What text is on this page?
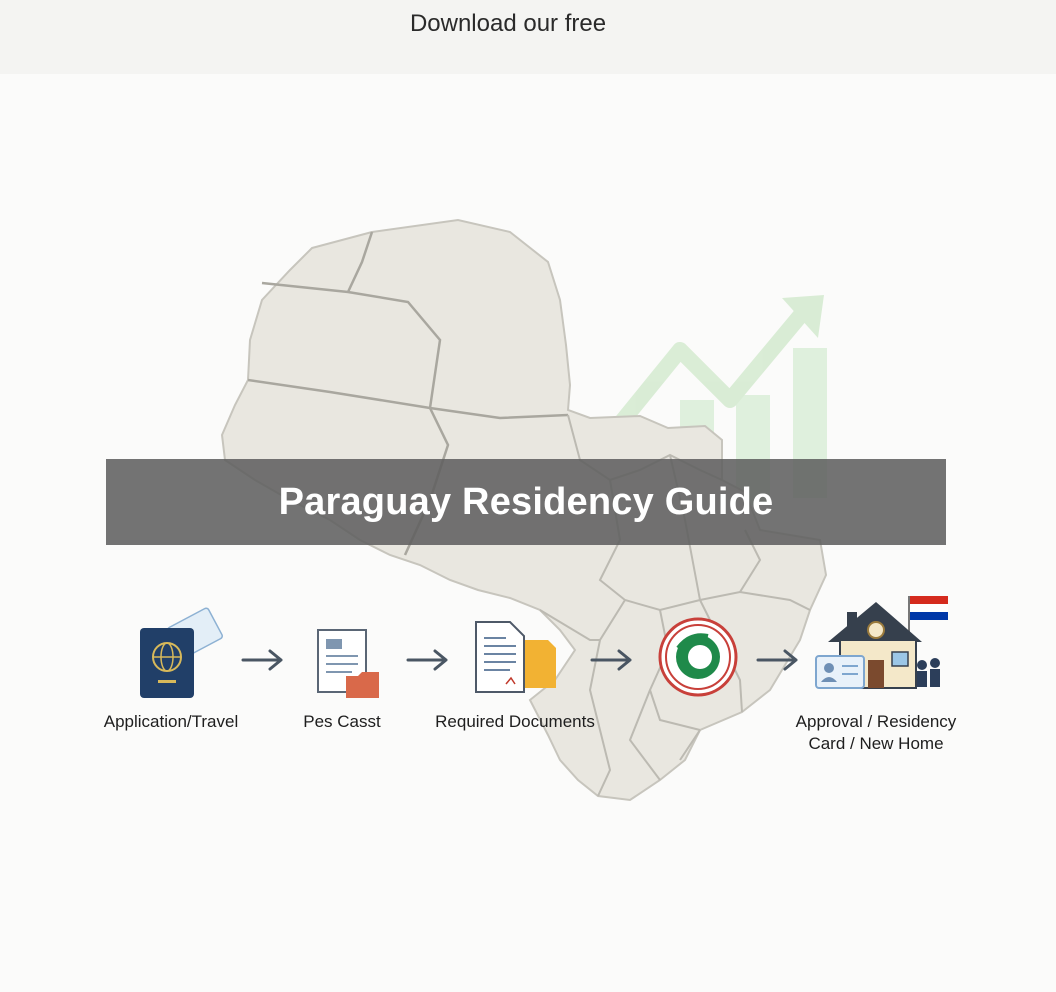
Download our free
Paraguay Residency Guide
Application/Travel	Pes Casst	Required Documents	Approval / Residency
Card / New Home
